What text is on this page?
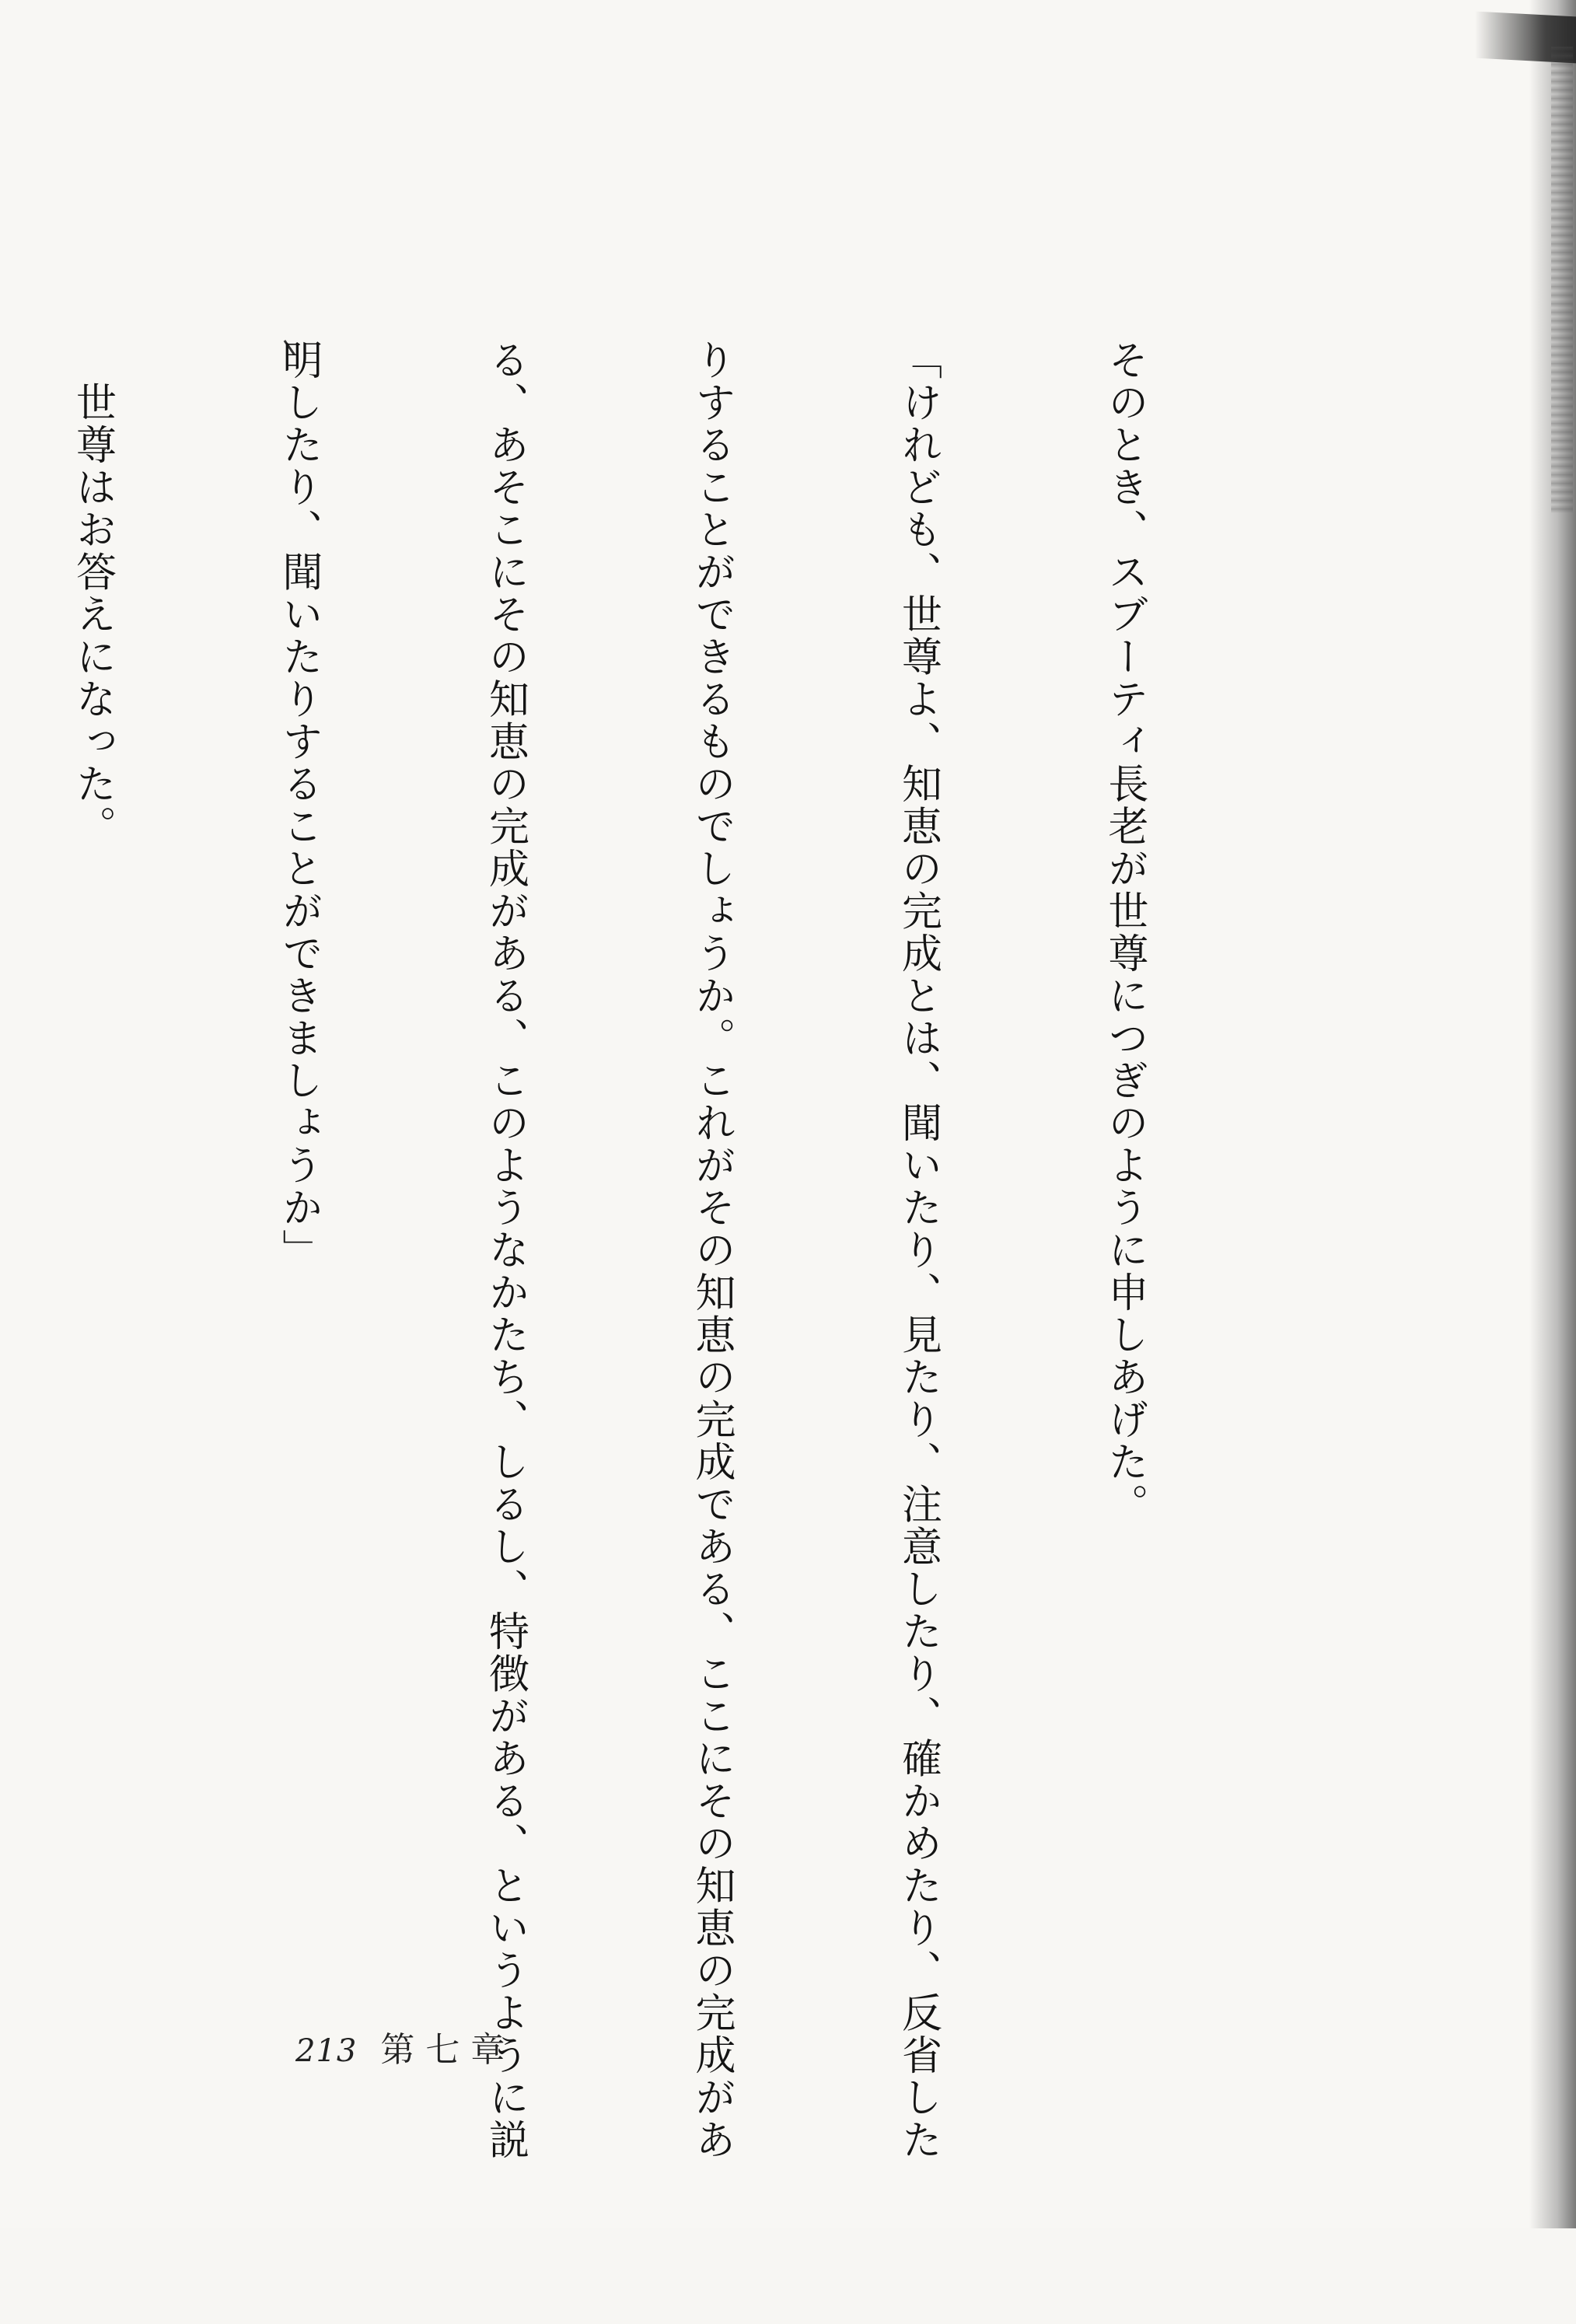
そのとき、スブーティ長老が世尊につぎのように申しあげた。

「けれども、世尊よ、知恵の完成とは、聞いたり、見たり、注意したり、確かめたり、反省した

りすることができるものでしょうか。これがその知恵の完成である、ここにその知恵の完成があ

る、あそこにその知恵の完成がある、このようなかたち、しるし、特徴がある、というように説

明したり、聞いたりすることができましょうか」

　世尊はお答えになった。

213 第七章
